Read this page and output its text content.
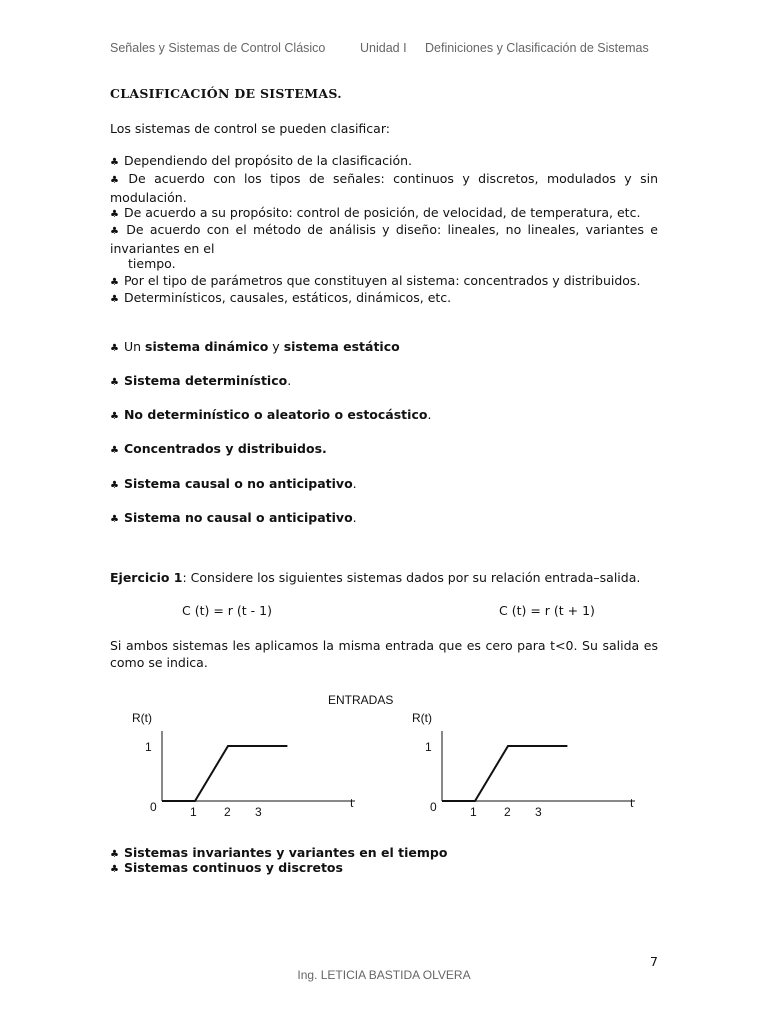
Señales y Sistemas de Control Clásico	Unidad I Definiciones y Clasificación de Sistemas
CLASIFICACIÓN DE SISTEMAS.
Los sistemas de control se pueden clasificar:
♣ Dependiendo del propósito de la clasificación.
♣ De acuerdo con los tipos de señales: continuos y discretos, modulados y sin modulación.
♣ De acuerdo a su propósito: control de posición, de velocidad, de temperatura, etc.
♣ De acuerdo con el método de análisis y diseño: lineales, no lineales, variantes e invariantes en el
tiempo.
♣ Por el tipo de parámetros que constituyen al sistema: concentrados y distribuidos.
♣ Determinísticos, causales, estáticos, dinámicos, etc.
♣ Un sistema dinámico y sistema estático
♣ Sistema determinístico.
♣ No determinístico o aleatorio o estocástico.
♣ Concentrados y distribuidos.
♣ Sistema causal o no anticipativo.
♣ Sistema no causal o anticipativo.
Ejercicio 1: Considere los siguientes sistemas dados por su relación entrada–salida.
C (t) = r (t - 1)	C (t) = r (t + 1)
Si ambos sistemas les aplicamos la misma entrada que es cero para t<0. Su salida es como se indica.
ENTRADAS
R(t)
1
0	t
1 2 3
R(t)
1
0	t
1 2 3
♣ Sistemas invariantes y variantes en el tiempo
♣ Sistemas continuos y discretos
7
Ing. LETICIA BASTIDA OLVERA
